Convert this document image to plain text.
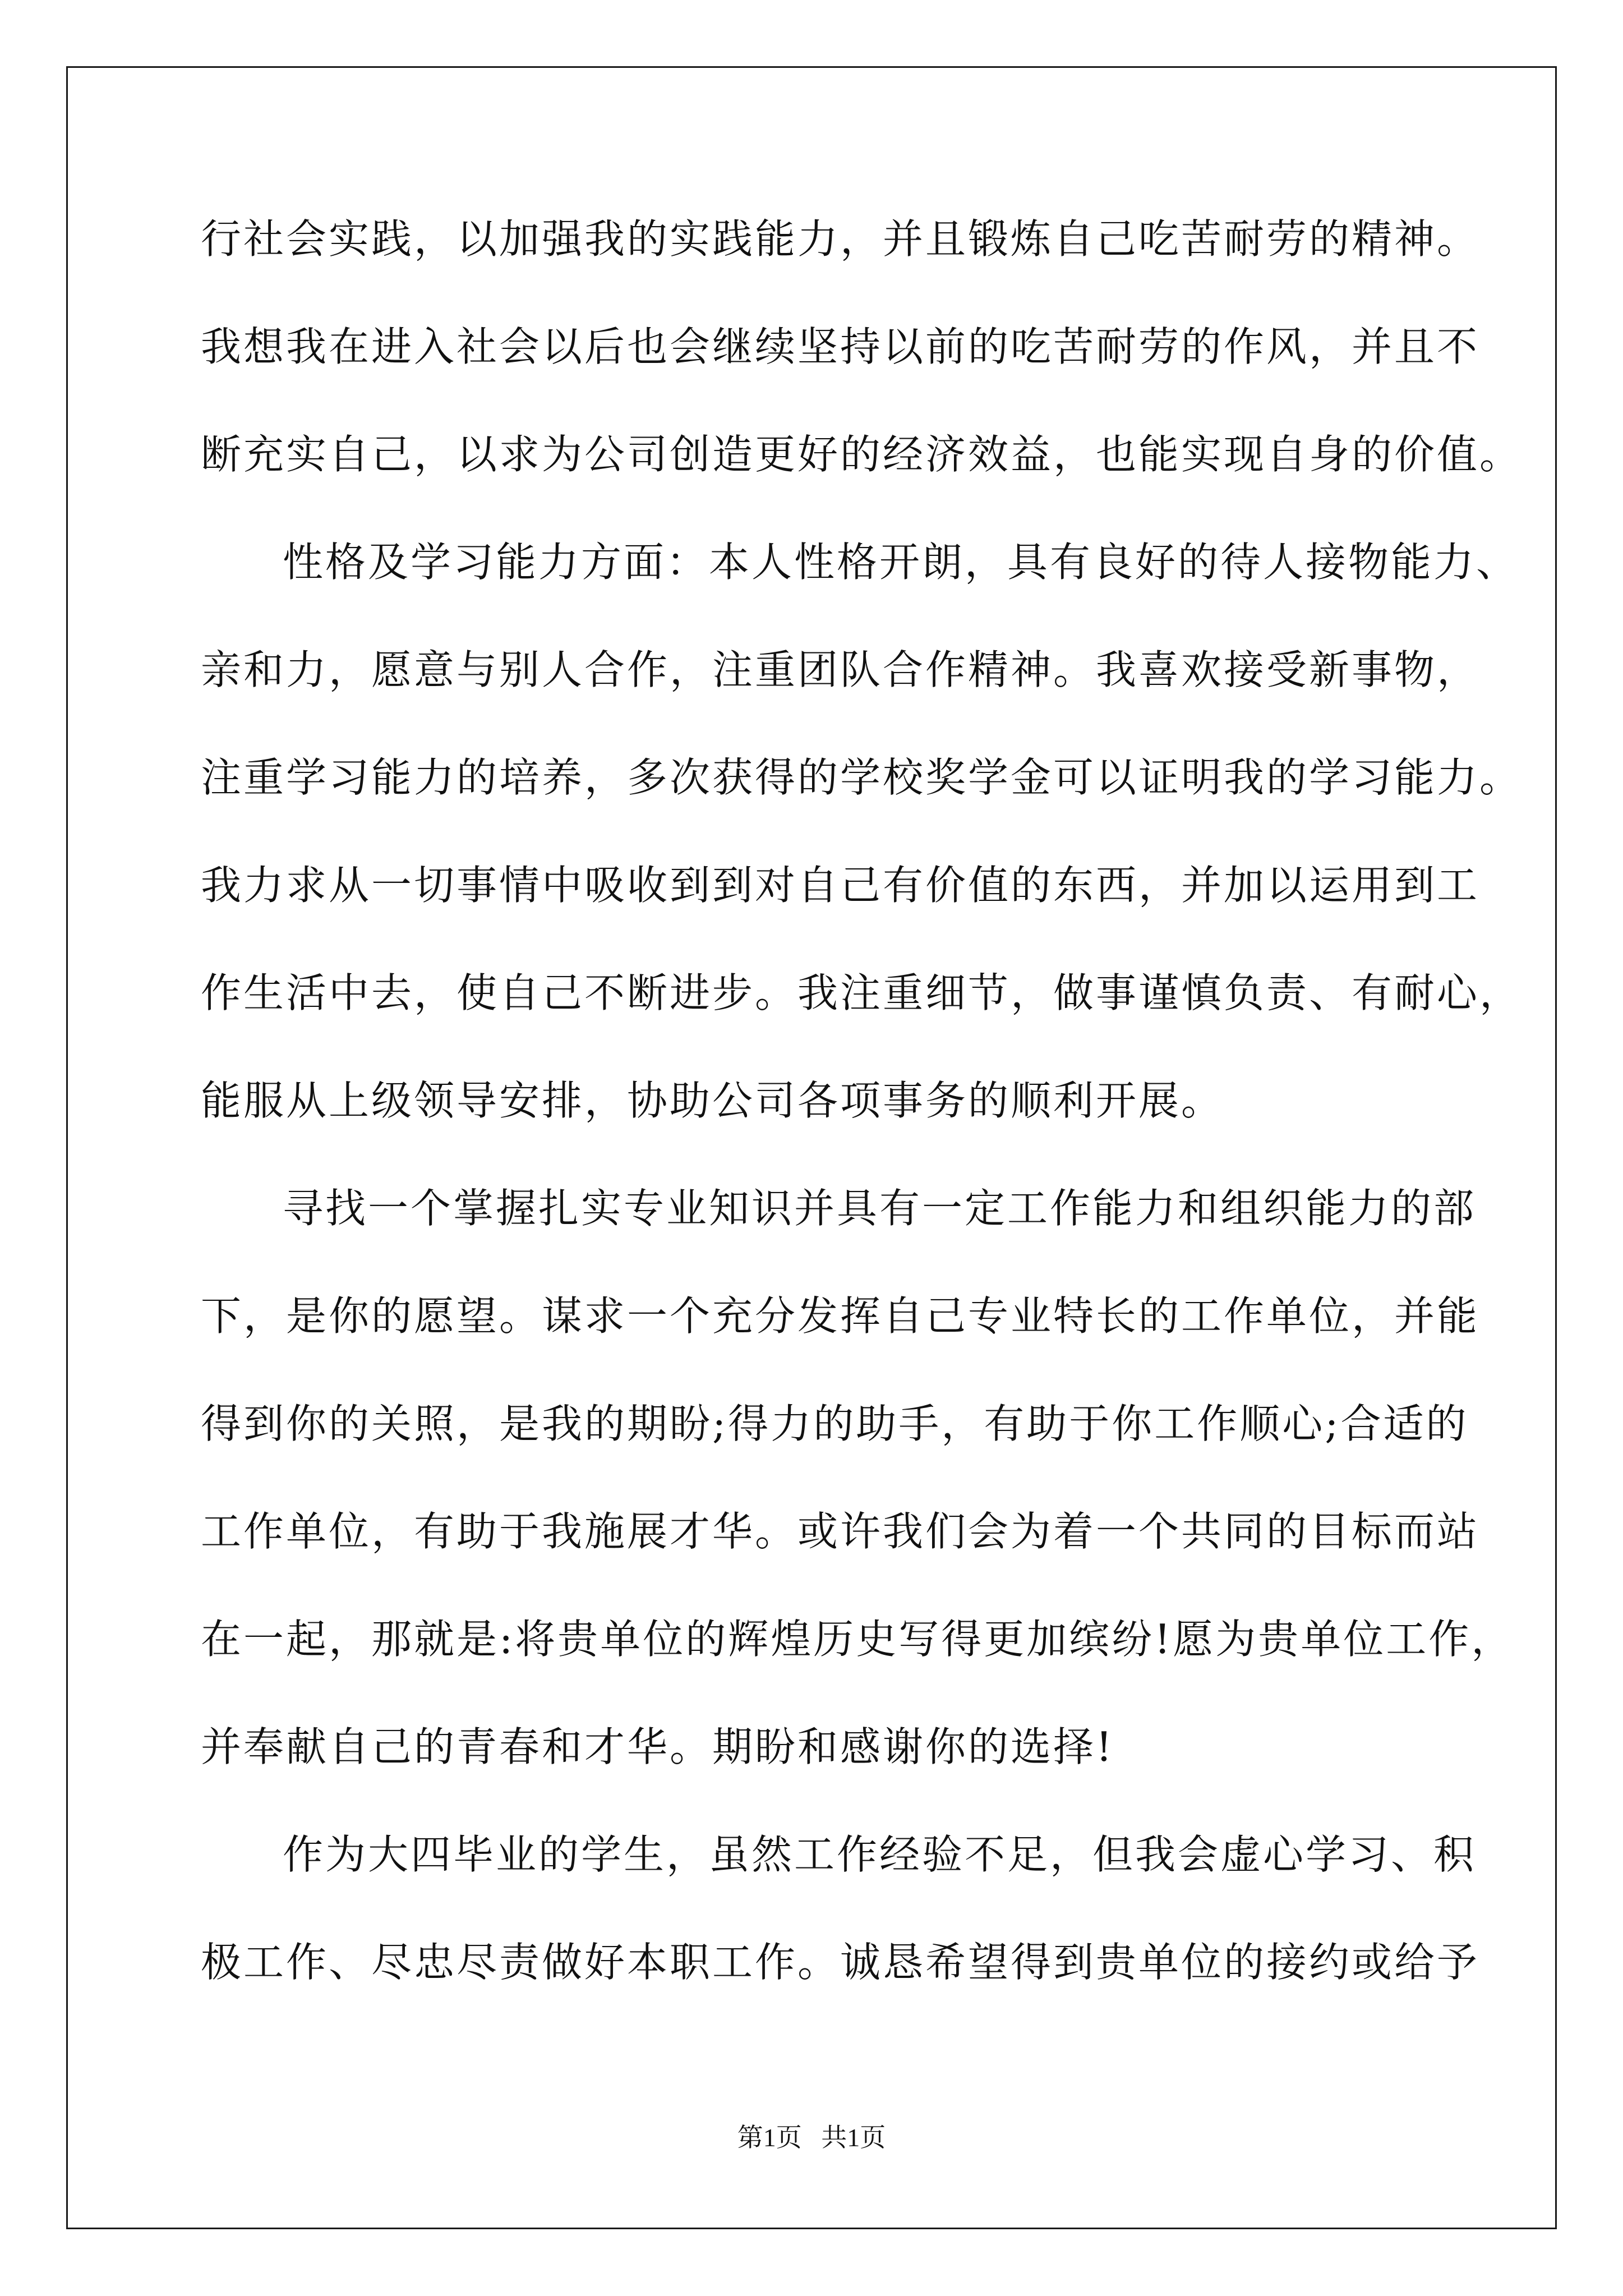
行社会实践，以加强我的实践能力，并且锻炼自己吃苦耐劳的精神。
我想我在进入社会以后也会继续坚持以前的吃苦耐劳的作风，并且不
断充实自己，以求为公司创造更好的经济效益，也能实现自身的价值。
性格及学习能力方面：本人性格开朗，具有良好的待人接物能力、
亲和力，愿意与别人合作，注重团队合作精神。我喜欢接受新事物，
注重学习能力的培养，多次获得的学校奖学金可以证明我的学习能力。
我力求从一切事情中吸收到到对自己有价值的东西，并加以运用到工
作生活中去，使自己不断进步。我注重细节，做事谨慎负责、有耐心，
能服从上级领导安排，协助公司各项事务的顺利开展。
寻找一个掌握扎实专业知识并具有一定工作能力和组织能力的部
下，是你的愿望。谋求一个充分发挥自己专业特长的工作单位，并能
得到你的关照，是我的期盼;得力的助手，有助于你工作顺心;合适的
工作单位，有助于我施展才华。或许我们会为着一个共同的目标而站
在一起，那就是:将贵单位的辉煌历史写得更加缤纷!愿为贵单位工作，
并奉献自己的青春和才华。期盼和感谢你的选择!
作为大四毕业的学生，虽然工作经验不足，但我会虚心学习、积
极工作、尽忠尽责做好本职工作。诚恳希望得到贵单位的接约或给予
第1页 共1页
